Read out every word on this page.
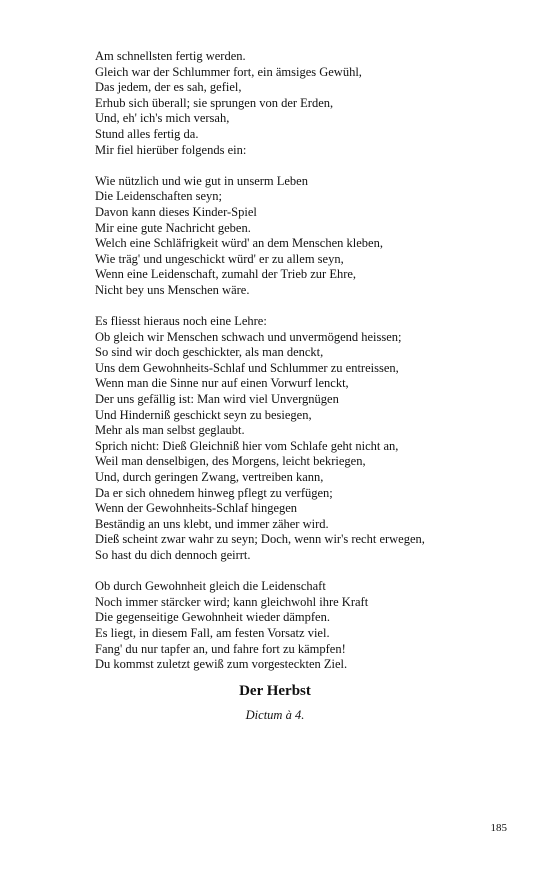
Am schnellsten fertig werden.
Gleich war der Schlummer fort, ein ämsiges Gewühl,
Das jedem, der es sah, gefiel,
Erhub sich überall; sie sprungen von der Erden,
Und, eh' ich's mich versah,
Stund alles fertig da.
Mir fiel hierüber folgends ein:
Wie nützlich und wie gut in unserm Leben
Die Leidenschaften seyn;
Davon kann dieses Kinder-Spiel
Mir eine gute Nachricht geben.
Welch eine Schläfrigkeit würd' an dem Menschen kleben,
Wie träg' und ungeschickt würd' er zu allem seyn,
Wenn eine Leidenschaft, zumahl der Trieb zur Ehre,
Nicht bey uns Menschen wäre.
Es fliesst hieraus noch eine Lehre:
Ob gleich wir Menschen schwach und unvermögend heissen;
So sind wir doch geschickter, als man denckt,
Uns dem Gewohnheits-Schlaf und Schlummer zu entreissen,
Wenn man die Sinne nur auf einen Vorwurf lenckt,
Der uns gefällig ist: Man wird viel Unvergnügen
Und Hinderniß geschickt seyn zu besiegen,
Mehr als man selbst geglaubt.
Sprich nicht: Dieß Gleichniß hier vom Schlafe geht nicht an,
Weil man denselbigen, des Morgens, leicht bekriegen,
Und, durch geringen Zwang, vertreiben kann,
Da er sich ohnedem hinweg pflegt zu verfügen;
Wenn der Gewohnheits-Schlaf hingegen
Beständig an uns klebt, und immer zäher wird.
Dieß scheint zwar wahr zu seyn; Doch, wenn wir's recht erwegen,
So hast du dich dennoch geirrt.
Ob durch Gewohnheit gleich die Leidenschaft
Noch immer stärcker wird; kann gleichwohl ihre Kraft
Die gegenseitige Gewohnheit wieder dämpfen.
Es liegt, in diesem Fall, am festen Vorsatz viel.
Fang' du nur tapfer an, und fahre fort zu kämpfen!
Du kommst zuletzt gewiß zum vorgesteckten Ziel.
Der Herbst
Dictum à 4.
185
